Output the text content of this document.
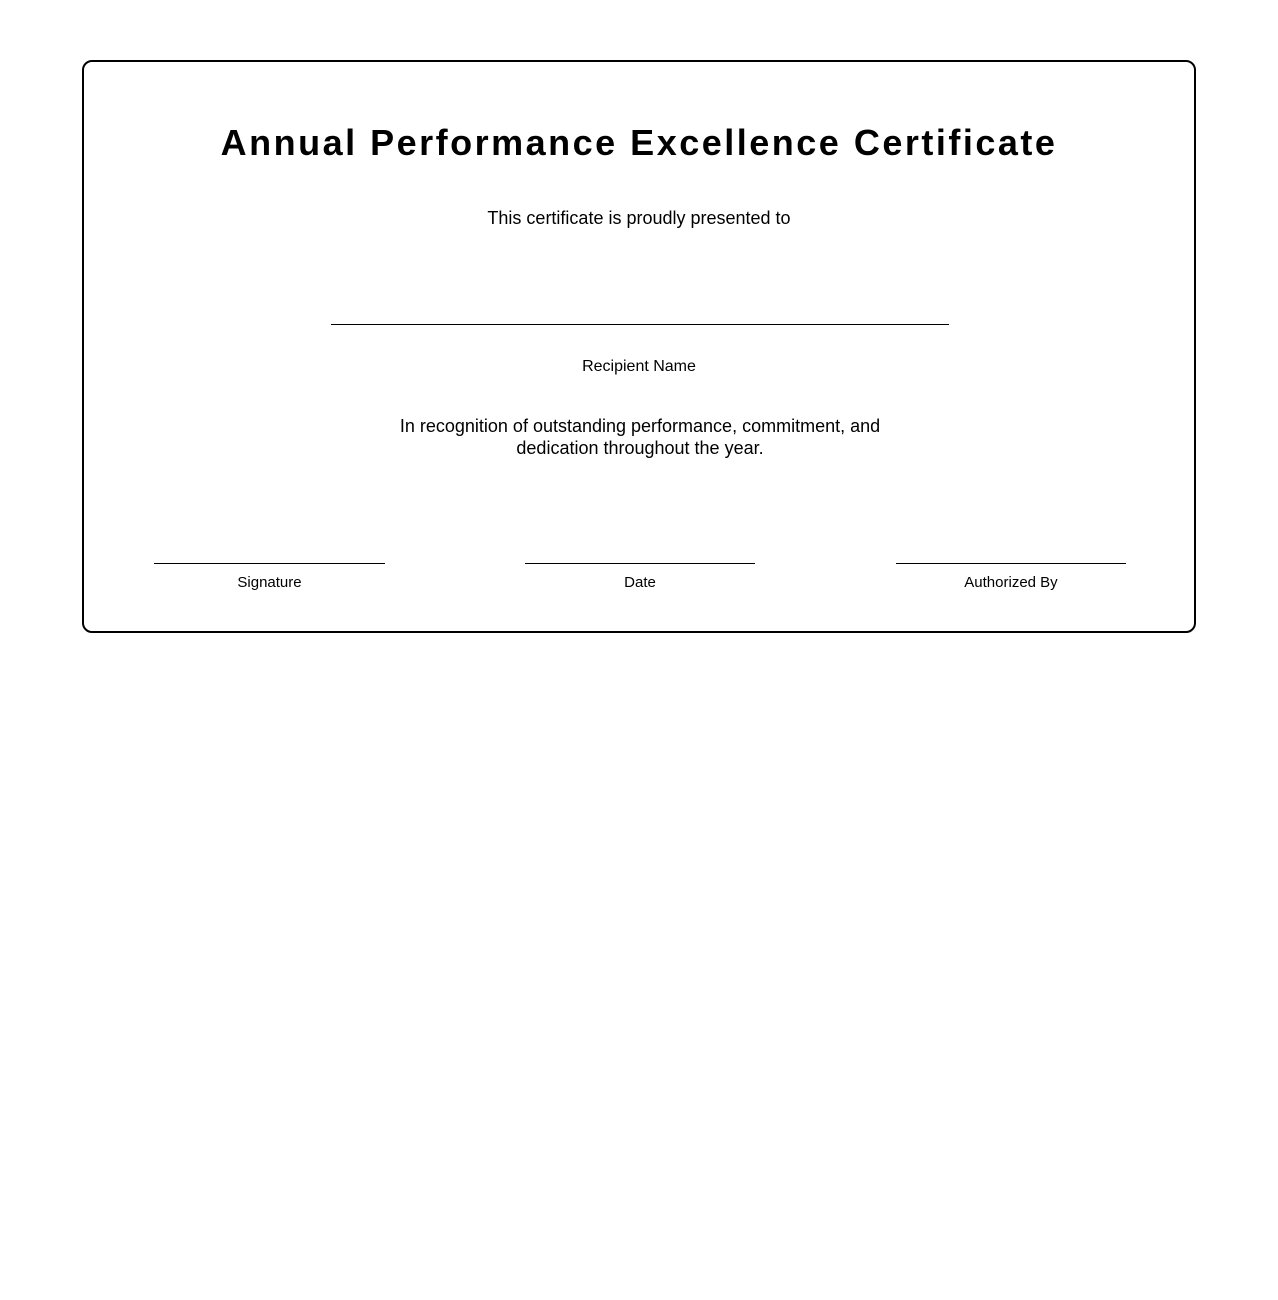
Annual Performance Excellence Certificate
This certificate is proudly presented to
Recipient Name

In recognition of outstanding performance, commitment, and dedication throughout the year.

Signature	Date	Authorized By
